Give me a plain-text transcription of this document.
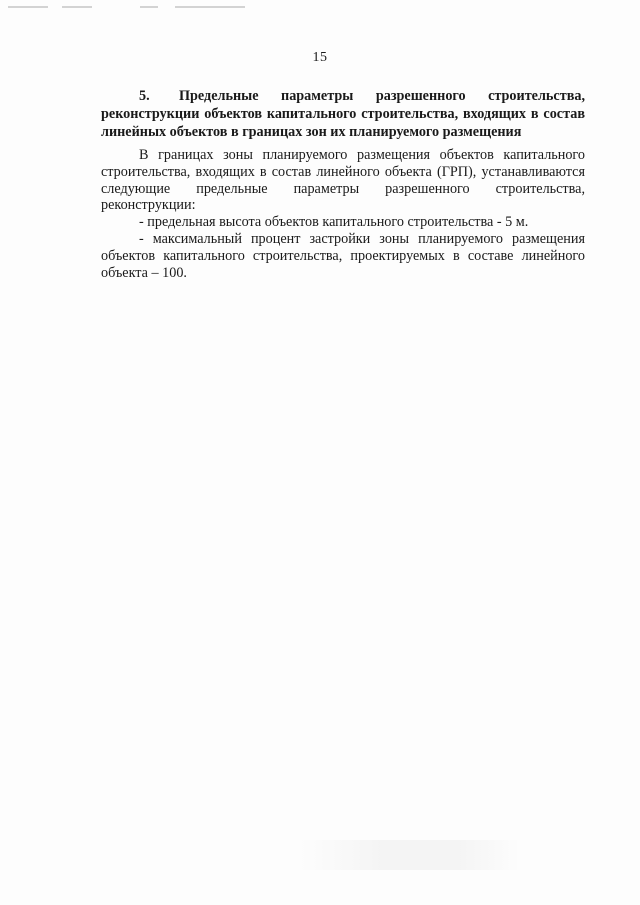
15

5. Предельные параметры разрешенного строительства, реконструкции объектов капитального строительства, входящих в состав линейных объектов в границах зон их планируемого размещения

В границах зоны планируемого размещения объектов капитального строительства, входящих в состав линейного объекта (ГРП), устанавливаются следующие предельные параметры разрешенного строительства, реконструкции:

- предельная высота объектов капитального строительства - 5 м.

- максимальный процент застройки зоны планируемого размещения объектов капитального строительства, проектируемых в составе линейного объекта – 100.
